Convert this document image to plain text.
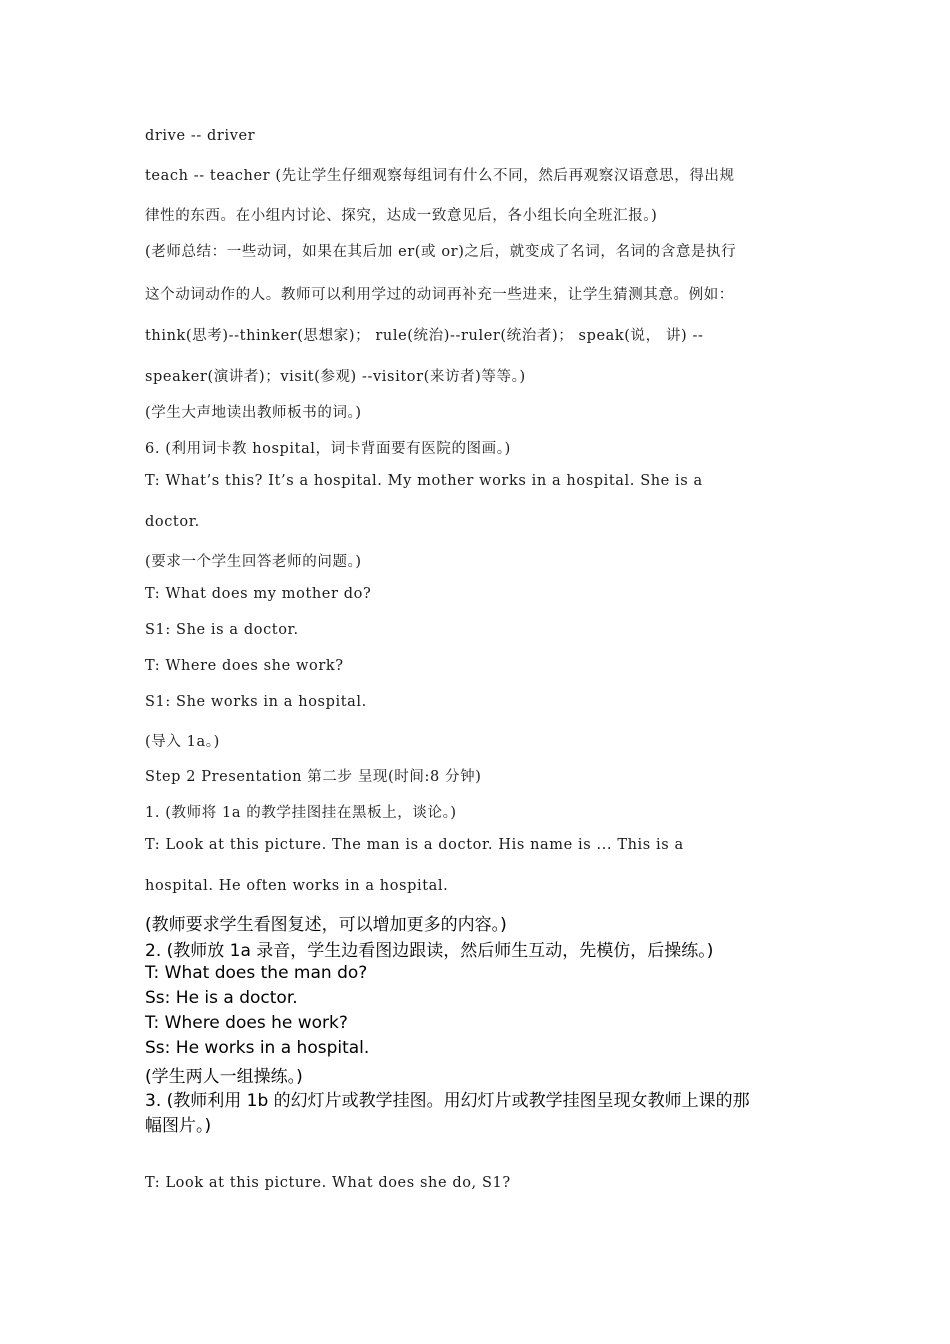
drive -- driver
teach -- teacher (先让学生仔细观察每组词有什么不同，然后再观察汉语意思，得出规
律性的东西。在小组内讨论、探究，达成一致意见后，各小组长向全班汇报。)
(老师总结：一些动词，如果在其后加 er(或 or)之后，就变成了名词，名词的含意是执行
这个动词动作的人。教师可以利用学过的动词再补充一些进来，让学生猜测其意。例如：
think(思考)--thinker(思想家)； rule(统治)--ruler(统治者)； speak(说， 讲) --
speaker(演讲者)；visit(参观) --visitor(来访者)等等。)
(学生大声地读出教师板书的词。)
6. (利用词卡教 hospital，词卡背面要有医院的图画。)
T: What’s this? It’s a hospital. My mother works in a hospital. She is a
doctor.
(要求一个学生回答老师的问题。)
T: What does my mother do?
S1: She is a doctor.
T: Where does she work?
S1: She works in a hospital.
(导入 1a。)
Step 2 Presentation 第二步 呈现(时间:8 分钟)
1. (教师将 1a 的教学挂图挂在黑板上，谈论。)
T: Look at this picture. The man is a doctor. His name is ... This is a
hospital. He often works in a hospital.
(教师要求学生看图复述，可以增加更多的内容。)
2. (教师放 1a 录音，学生边看图边跟读，然后师生互动，先模仿，后操练。)
T: What does the man do?
Ss: He is a doctor.
T: Where does he work?
Ss: He works in a hospital.
(学生两人一组操练。)
3. (教师利用 1b 的幻灯片或教学挂图。用幻灯片或教学挂图呈现女教师上课的那
幅图片。)
T: Look at this picture. What does she do, S1?
